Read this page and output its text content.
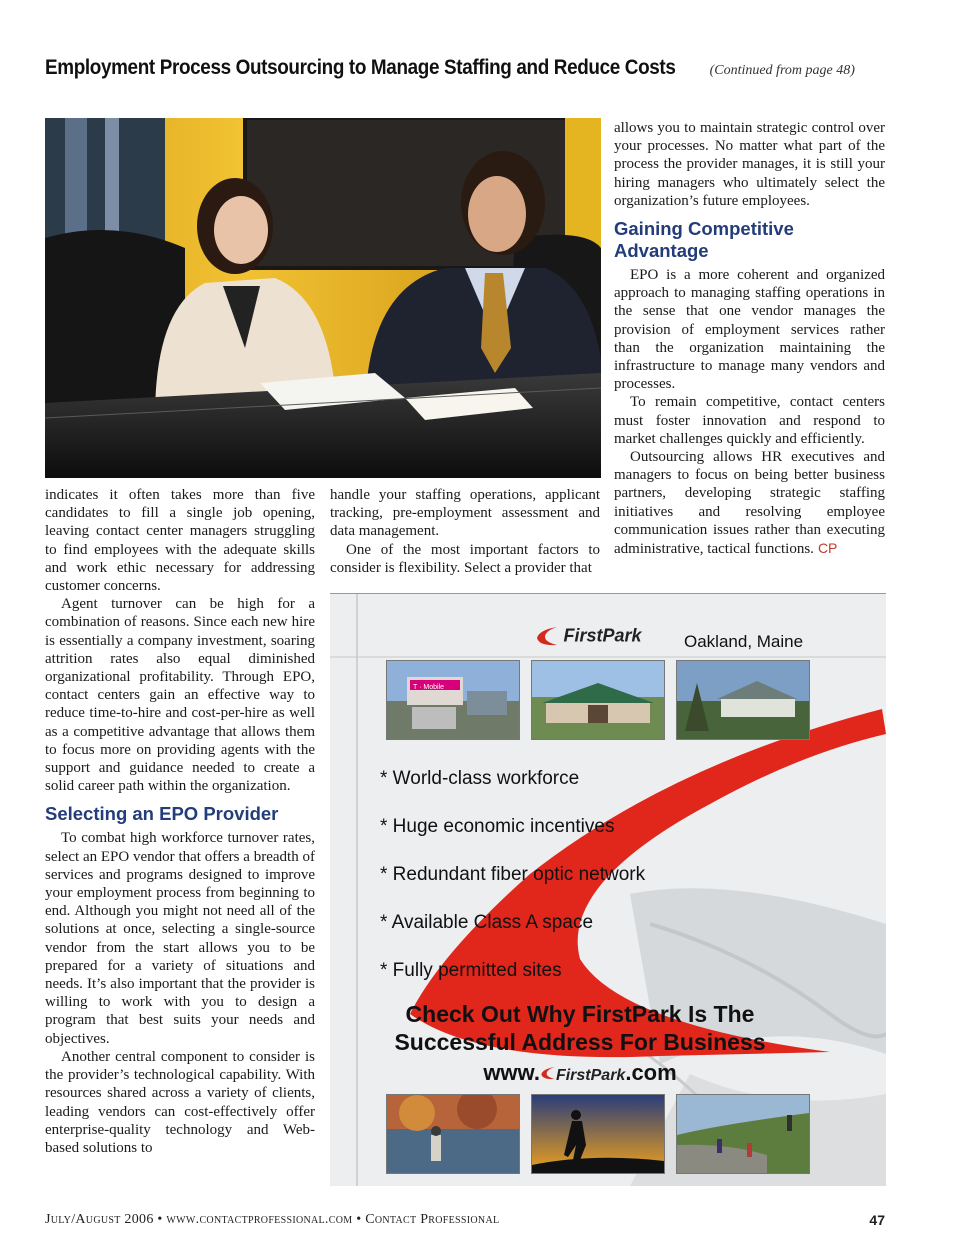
Employment Process Outsourcing to Manage Staffing and Reduce Costs (Continued from page 48)

indicates it often takes more than five candidates to fill a single job opening, leaving contact center managers struggling to find employees with the adequate skills and work ethic necessary for addressing customer concerns.

Agent turnover can be high for a combination of reasons. Since each new hire is essentially a company investment, soaring attrition rates also equal diminished organizational profitability. Through EPO, contact centers gain an effective way to reduce time-to-hire and cost-per-hire as well as a competitive advantage that allows them to focus more on providing agents with the support and guidance needed to create a solid career path within the organization.

Selecting an EPO Provider

To combat high workforce turnover rates, select an EPO vendor that offers a breadth of services and programs designed to improve your employment process from beginning to end. Although you might not need all of the solutions at once, selecting a single-source vendor from the start allows you to be prepared for a variety of situations and needs. It’s also important that the provider is willing to work with you to design a program that best suits your needs and objectives.

Another central component to consider is the provider’s technological capability. With resources shared across a variety of clients, leading vendors can cost-effectively offer enterprise-quality technology and Web-based solutions to

handle your staffing operations, applicant tracking, pre-employment assessment and data management.

One of the most important factors to consider is flexibility. Select a provider that

allows you to maintain strategic control over your processes. No matter what part of the process the provider manages, it is still your hiring managers who ultimately select the organization’s future employees.

Gaining Competitive Advantage

EPO is a more coherent and organized approach to managing staffing operations in the sense that one vendor manages the provision of employment services rather than the organization maintaining the infrastructure to manage many vendors and processes.

To remain competitive, contact centers must foster innovation and respond to market challenges quickly and efficiently.

Outsourcing allows HR executives and managers to focus on being better business partners, developing strategic staffing initiatives and resolving employee communication issues rather than executing administrative, tactical functions. CP

FirstPark	Oakland, Maine
T · Mobile
* World-class workforce
* Huge economic incentives
* Redundant fiber optic network
* Available Class A space
* Fully permitted sites
Check Out Why FirstPark Is The
Successful Address For Business
www. FirstPark.com
July/August 2006 • www.contactprofessional.com • Contact Professional	47
